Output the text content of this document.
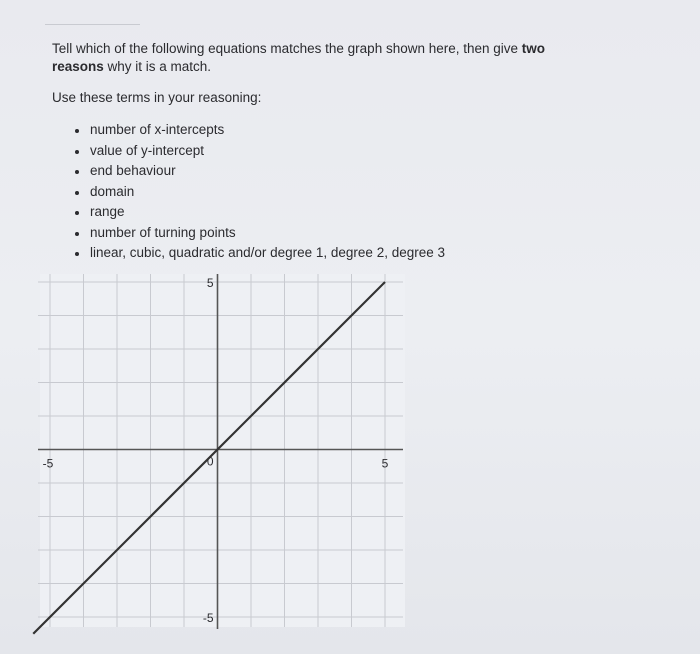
Tell which of the following equations matches the graph shown here, then give two
reasons why it is a match.
Use these terms in your reasoning:
number of x-intercepts
value of y-intercept
end behaviour
domain
range
number of turning points
linear, cubic, quadratic and/or degree 1, degree 2, degree 3
-5	5
5
-5
0
